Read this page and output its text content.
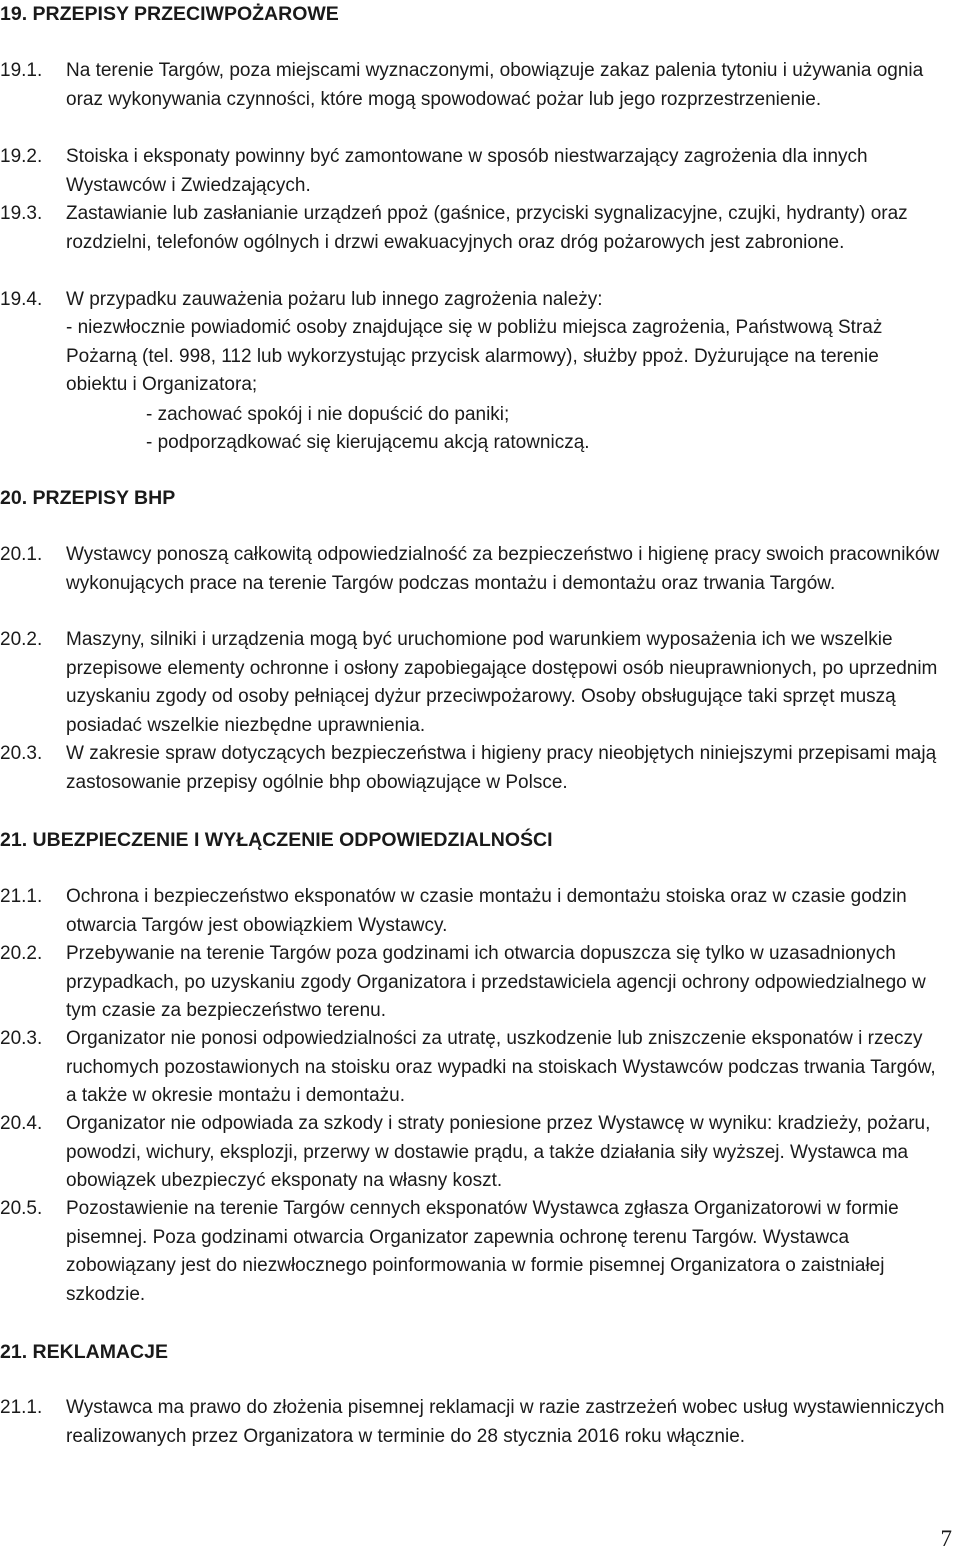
19. PRZEPISY PRZECIWPOŻAROWE
19.1. Na terenie Targów, poza miejscami wyznaczonymi, obowiązuje zakaz palenia tytoniu i używania ognia oraz wykonywania czynności, które mogą spowodować pożar lub jego rozprzestrzenienie.
19.2. Stoiska i eksponaty powinny być zamontowane w sposób niestwarzający zagrożenia dla innych Wystawców i Zwiedzających.
19.3. Zastawianie lub zasłanianie urządzeń ppoż (gaśnice, przyciski sygnalizacyjne, czujki, hydranty) oraz rozdzielni, telefonów ogólnych i drzwi ewakuacyjnych oraz dróg pożarowych jest zabronione.
19.4. W przypadku zauważenia pożaru lub innego zagrożenia należy:
- niezwłocznie powiadomić osoby znajdujące się w pobliżu miejsca zagrożenia, Państwową Straż Pożarną (tel. 998, 112 lub wykorzystując przycisk alarmowy), służby ppoż. Dyżurujące na terenie obiektu i Organizatora;
- zachować spokój i nie dopuścić do paniki;
- podporządkować się kierującemu akcją ratowniczą.
20. PRZEPISY BHP
20.1. Wystawcy ponoszą całkowitą odpowiedzialność za bezpieczeństwo i higienę pracy swoich pracowników wykonujących prace na terenie Targów podczas montażu i demontażu oraz trwania Targów.
20.2. Maszyny, silniki i urządzenia mogą być uruchomione pod warunkiem wyposażenia ich we wszelkie przepisowe elementy ochronne i osłony zapobiegające dostępowi osób nieuprawnionych, po uprzednim uzyskaniu zgody od osoby pełniącej dyżur przeciwpożarowy. Osoby obsługujące taki sprzęt muszą posiadać wszelkie niezbędne uprawnienia.
20.3. W zakresie spraw dotyczących bezpieczeństwa i higieny pracy nieobjętych niniejszymi przepisami mają zastosowanie przepisy ogólnie bhp obowiązujące w Polsce.
21. UBEZPIECZENIE I WYŁĄCZENIE ODPOWIEDZIALNOŚCI
21.1. Ochrona i bezpieczeństwo eksponatów w czasie montażu i demontażu stoiska oraz w czasie godzin otwarcia Targów jest obowiązkiem Wystawcy.
20.2. Przebywanie na terenie Targów poza godzinami ich otwarcia dopuszcza się tylko w uzasadnionych przypadkach, po uzyskaniu zgody Organizatora i przedstawiciela agencji ochrony odpowiedzialnego w tym czasie za bezpieczeństwo terenu.
20.3. Organizator nie ponosi odpowiedzialności za utratę, uszkodzenie lub zniszczenie eksponatów i rzeczy ruchomych pozostawionych na stoisku oraz wypadki na stoiskach Wystawców podczas trwania Targów, a także w okresie montażu i demontażu.
20.4. Organizator nie odpowiada za szkody i straty poniesione przez Wystawcę w wyniku: kradzieży, pożaru, powodzi, wichury, eksplozji, przerwy w dostawie prądu, a także działania siły wyższej. Wystawca ma obowiązek ubezpieczyć eksponaty na własny koszt.
20.5. Pozostawienie na terenie Targów cennych eksponatów Wystawca zgłasza Organizatorowi w formie pisemnej. Poza godzinami otwarcia Organizator zapewnia ochronę terenu Targów. Wystawca zobowiązany jest do niezwłocznego poinformowania w formie pisemnej Organizatora o zaistniałej szkodzie.
21. REKLAMACJE
21.1. Wystawca ma prawo do złożenia pisemnej reklamacji w razie zastrzeżeń wobec usług wystawienniczych realizowanych przez Organizatora w terminie do 28 stycznia 2016 roku włącznie.
7
